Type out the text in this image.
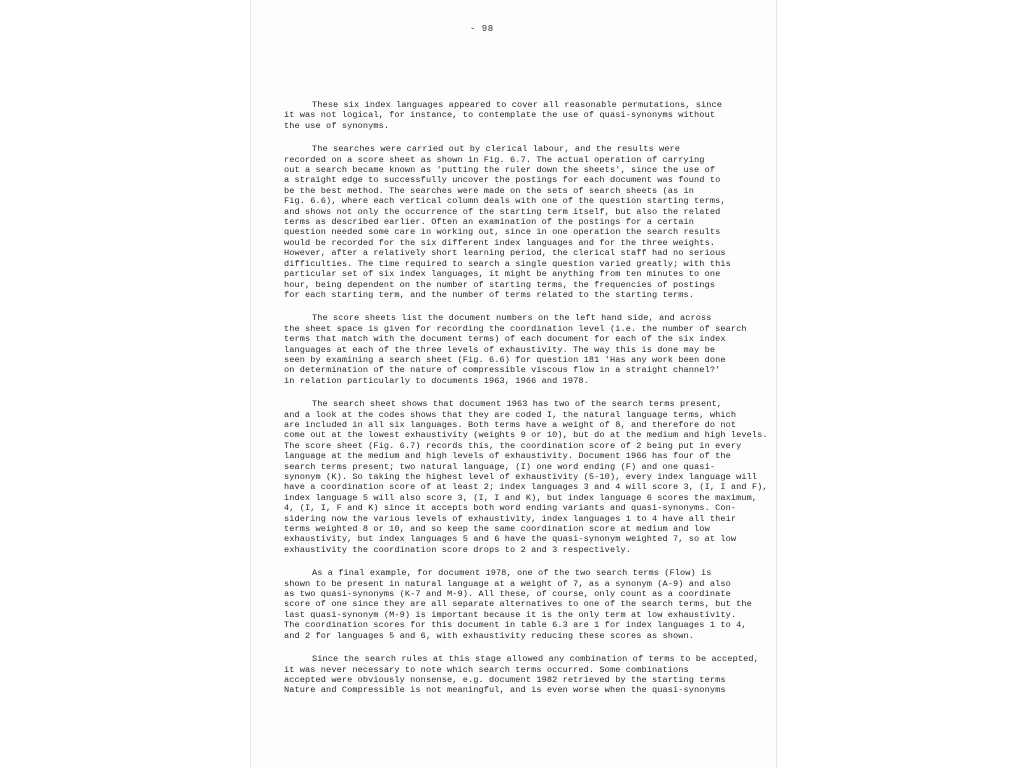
- 98
These six index languages appeared to cover all reasonable permutations, since
it was not logical, for instance, to contemplate the use of quasi-synonyms without
the use of synonyms.
The searches were carried out by clerical labour, and the results were
recorded on a score sheet as shown in Fig. 6.7. The actual operation of carrying
out a search became known as 'putting the ruler down the sheets', since the use of
a straight edge to successfully uncover the postings for each document was found to
be the best method. The searches were made on the sets of search sheets (as in
Fig. 6.6), where each vertical column deals with one of the question starting terms,
and shows not only the occurrence of the starting term itself, but also the related
terms as described earlier. Often an examination of the postings for a certain
question needed some care in working out, since in one operation the search results
would be recorded for the six different index languages and for the three weights.
However, after a relatively short learning period, the clerical staff had no serious
difficulties. The time required to search a single question varied greatly; with this
particular set of six index languages, it might be anything from ten minutes to one
hour, being dependent on the number of starting terms, the frequencies of postings
for each starting term, and the number of terms related to the starting terms.
The score sheets list the document numbers on the left hand side, and across
the sheet space is given for recording the coordination level (i.e. the number of search
terms that match with the document terms) of each document for each of the six index
languages at each of the three levels of exhaustivity. The way this is done may be
seen by examining a search sheet (Fig. 6.6) for question 181 'Has any work been done
on determination of the nature of compressible viscous flow in a straight channel?'
in relation particularly to documents 1963, 1966 and 1978.
The search sheet shows that document 1963 has two of the search terms present,
and a look at the codes shows that they are coded I, the natural language terms, which
are included in all six languages. Both terms have a weight of 8, and therefore do not
come out at the lowest exhaustivity (weights 9 or 10), but do at the medium and high levels.
The score sheet (Fig. 6.7) records this, the coordination score of 2 being put in every
language at the medium and high levels of exhaustivity. Document 1966 has four of the
search terms present; two natural language, (I) one word ending (F) and one quasi-
synonym (K). So taking the highest level of exhaustivity (5-10), every index language will
have a coordination score of at least 2; index languages 3 and 4 will score 3, (I, I and F),
index language 5 will also score 3, (I, I and K), but index language 6 scores the maximum,
4, (I, I, F and K) since it accepts both word ending variants and quasi-synonyms. Con-
sidering now the various levels of exhaustivity, index languages 1 to 4 have all their
terms weighted 8 or 10, and so keep the same coordination score at medium and low
exhaustivity, but index languages 5 and 6 have the quasi-synonym weighted 7, so at low
exhaustivity the coordination score drops to 2 and 3 respectively.
As a final example, for document 1978, one of the two search terms (Flow) is
shown to be present in natural language at a weight of 7, as a synonym (A-9) and also
as two quasi-synonyms (K-7 and M-9). All these, of course, only count as a coordinate
score of one since they are all separate alternatives to one of the search terms, but the
last quasi-synonym (M-9) is important because it is the only term at low exhaustivity.
The coordination scores for this document in table 6.3 are 1 for index languages 1 to 4,
and 2 for languages 5 and 6, with exhaustivity reducing these scores as shown.
Since the search rules at this stage allowed any combination of terms to be accepted,
it was never necessary to note which search terms occurred. Some combinations
accepted were obviously nonsense, e.g. document 1982 retrieved by the starting terms
Nature and Compressible is not meaningful, and is even worse when the quasi-synonyms
